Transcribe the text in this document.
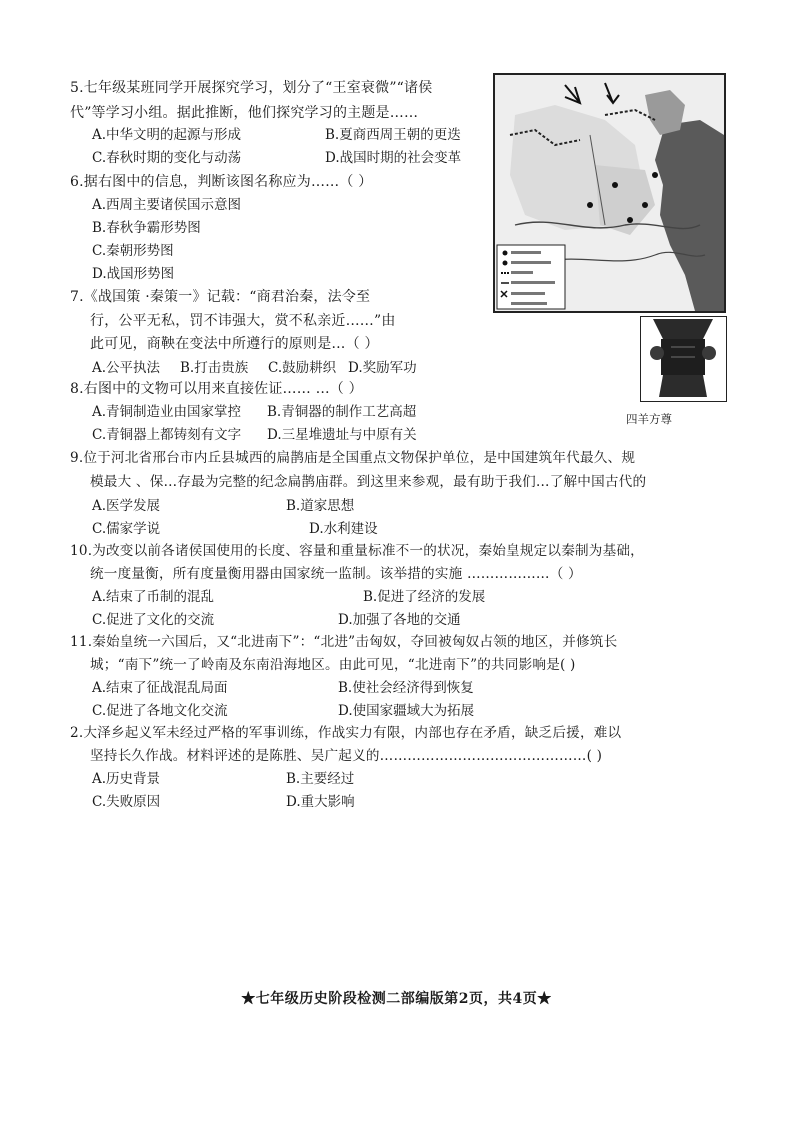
四羊方尊
5.七年级某班同学开展探究学习，划分了“王室衰微”“诸侯
代”等学习小组。据此推断，他们探究学习的主题是……
A.中华文明的起源与形成	B.夏商西周王朝的更迭
C.春秋时期的变化与动荡	D.战国时期的社会变革
6.据右图中的信息，判断该图名称应为……（ ）
A.西周主要诸侯国示意图
B.春秋争霸形势图
C.秦朝形势图
D.战国形势图
7.《战国策 ·秦策一》记载：“商君治秦，法令至
行，公平无私，罚不讳强大，赏不私亲近……”由
此可见，商鞅在变法中所遵行的原则是…（ ）
A.公平执法 B.打击贵族 C.鼓励耕织 D.奖励军功
8.右图中的文物可以用来直接佐证…… …（ ）
A.青铜制造业由国家掌控 B.青铜器的制作工艺高超
C.青铜器上都铸刻有文字 D.三星堆遗址与中原有关
9.位于河北省邢台市内丘县城西的扁鹊庙是全国重点文物保护单位，是中国建筑年代最久、规
模最大 、保…存最为完整的纪念扁鹊庙群。到这里来参观，最有助于我们…了解中国古代的
A.医学发展	B.道家思想
C.儒家学说	D.水利建设
10.为改变以前各诸侯国使用的长度、容量和重量标准不一的状况，秦始皇规定以秦制为基础，
统一度量衡，所有度量衡用器由国家统一监制。该举措的实施 ………………（ ）
A.结束了币制的混乱	B.促进了经济的发展
C.促进了文化的交流	D.加强了各地的交通
11.秦始皇统一六国后，又“北进南下”：“北进”击匈奴，夺回被匈奴占领的地区，并修筑长
城；“南下”统一了岭南及东南沿海地区。由此可见，“北进南下”的共同影响是( )
A.结束了征战混乱局面	B.使社会经济得到恢复
C.促进了各地文化交流	D.使国家疆域大为拓展
2.大泽乡起义军未经过严格的军事训练，作战实力有限，内部也存在矛盾，缺乏后援，难以
坚持长久作战。材料评述的是陈胜、吴广起义的………………………………………( )
A.历史背景	B.主要经过
C.失败原因	D.重大影响
★七年级历史阶段检测二部编版第2页，共4页★
